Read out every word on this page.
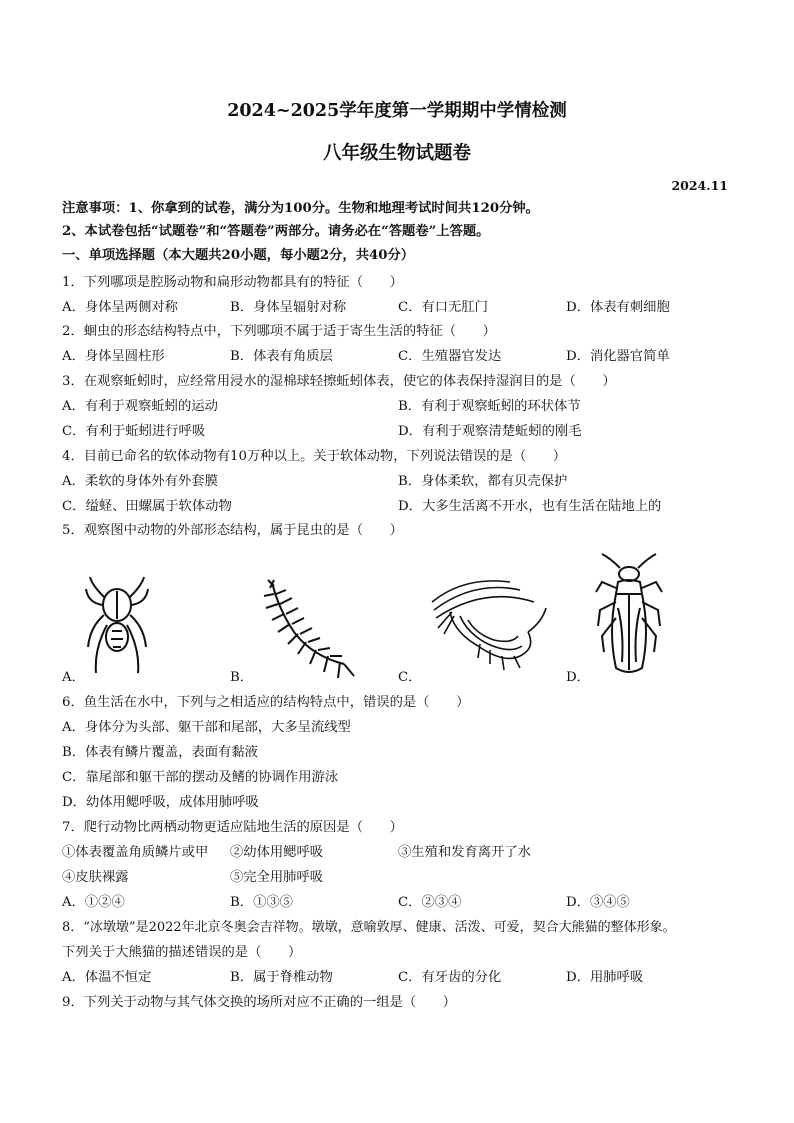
2024~2025学年度第一学期期中学情检测
八年级生物试题卷
2024.11
注意事项：1、你拿到的试卷，满分为100分。生物和地理考试时间共120分钟。
2、本试卷包括“试题卷”和“答题卷”两部分。请务必在“答题卷”上答题。
一、单项选择题（本大题共20小题，每小题2分，共40分）
1．下列哪项是腔肠动物和扁形动物都具有的特征（　　）
A．身体呈两侧对称	B．身体呈辐射对称	C．有口无肛门	D．体表有刺细胞
2．蛔虫的形态结构特点中，下列哪项不属于适于寄生生活的特征（　　）
A．身体呈圆柱形	B．体表有角质层	C．生殖器官发达	D．消化器官简单
3．在观察蚯蚓时，应经常用浸水的湿棉球轻擦蚯蚓体表，使它的体表保持湿润目的是（　　）
A．有利于观察蚯蚓的运动	B．有利于观察蚯蚓的环状体节
C．有利于蚯蚓进行呼吸	D．有利于观察清楚蚯蚓的刚毛
4．目前已命名的软体动物有10万种以上。关于软体动物，下列说法错误的是（　　）
A．柔软的身体外有外套膜	B．身体柔软，都有贝壳保护
C．缢蛏、田螺属于软体动物	D．大多生活离不开水，也有生活在陆地上的
5．观察图中动物的外部形态结构，属于昆虫的是（　　）
A．	B．	C．	D．
6．鱼生活在水中，下列与之相适应的结构特点中，错误的是（　　）
A．身体分为头部、躯干部和尾部，大多呈流线型
B．体表有鳞片覆盖，表面有黏液
C．靠尾部和躯干部的摆动及鳍的协调作用游泳
D．幼体用鳃呼吸，成体用肺呼吸
7．爬行动物比两栖动物更适应陆地生活的原因是（　　）
①体表覆盖角质鳞片或甲 ②幼体用鳃呼吸	③生殖和发育离开了水
④皮肤裸露	⑤完全用肺呼吸
A．①②④	B．①③⑤	C．②③④	D．③④⑤
8．“冰墩墩”是2022年北京冬奥会吉祥物。墩墩，意喻敦厚、健康、活泼、可爱，契合大熊猫的整体形象。
下列关于大熊猫的描述错误的是（　　）
A．体温不恒定	B．属于脊椎动物	C．有牙齿的分化	D．用肺呼吸
9．下列关于动物与其气体交换的场所对应不正确的一组是（　　）
